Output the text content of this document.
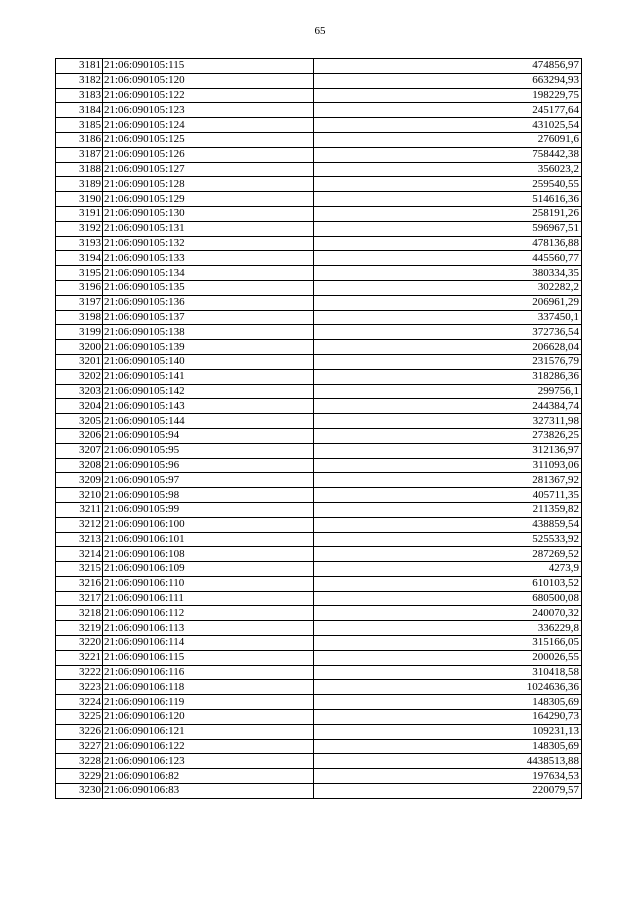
65
3181	21:06:090105:115	474856,97
3182	21:06:090105:120	663294,93
3183	21:06:090105:122	198229,75
3184	21:06:090105:123	245177,64
3185	21:06:090105:124	431025,54
3186	21:06:090105:125	276091,6
3187	21:06:090105:126	758442,38
3188	21:06:090105:127	356023,2
3189	21:06:090105:128	259540,55
3190	21:06:090105:129	514616,36
3191	21:06:090105:130	258191,26
3192	21:06:090105:131	596967,51
3193	21:06:090105:132	478136,88
3194	21:06:090105:133	445560,77
3195	21:06:090105:134	380334,35
3196	21:06:090105:135	302282,2
3197	21:06:090105:136	206961,29
3198	21:06:090105:137	337450,1
3199	21:06:090105:138	372736,54
3200	21:06:090105:139	206628,04
3201	21:06:090105:140	231576,79
3202	21:06:090105:141	318286,36
3203	21:06:090105:142	299756,1
3204	21:06:090105:143	244384,74
3205	21:06:090105:144	327311,98
3206	21:06:090105:94	273826,25
3207	21:06:090105:95	312136,97
3208	21:06:090105:96	311093,06
3209	21:06:090105:97	281367,92
3210	21:06:090105:98	405711,35
3211	21:06:090105:99	211359,82
3212	21:06:090106:100	438859,54
3213	21:06:090106:101	525533,92
3214	21:06:090106:108	287269,52
3215	21:06:090106:109	4273,9
3216	21:06:090106:110	610103,52
3217	21:06:090106:111	680500,08
3218	21:06:090106:112	240070,32
3219	21:06:090106:113	336229,8
3220	21:06:090106:114	315166,05
3221	21:06:090106:115	200026,55
3222	21:06:090106:116	310418,58
3223	21:06:090106:118	1024636,36
3224	21:06:090106:119	148305,69
3225	21:06:090106:120	164290,73
3226	21:06:090106:121	109231,13
3227	21:06:090106:122	148305,69
3228	21:06:090106:123	4438513,88
3229	21:06:090106:82	197634,53
3230	21:06:090106:83	220079,57
